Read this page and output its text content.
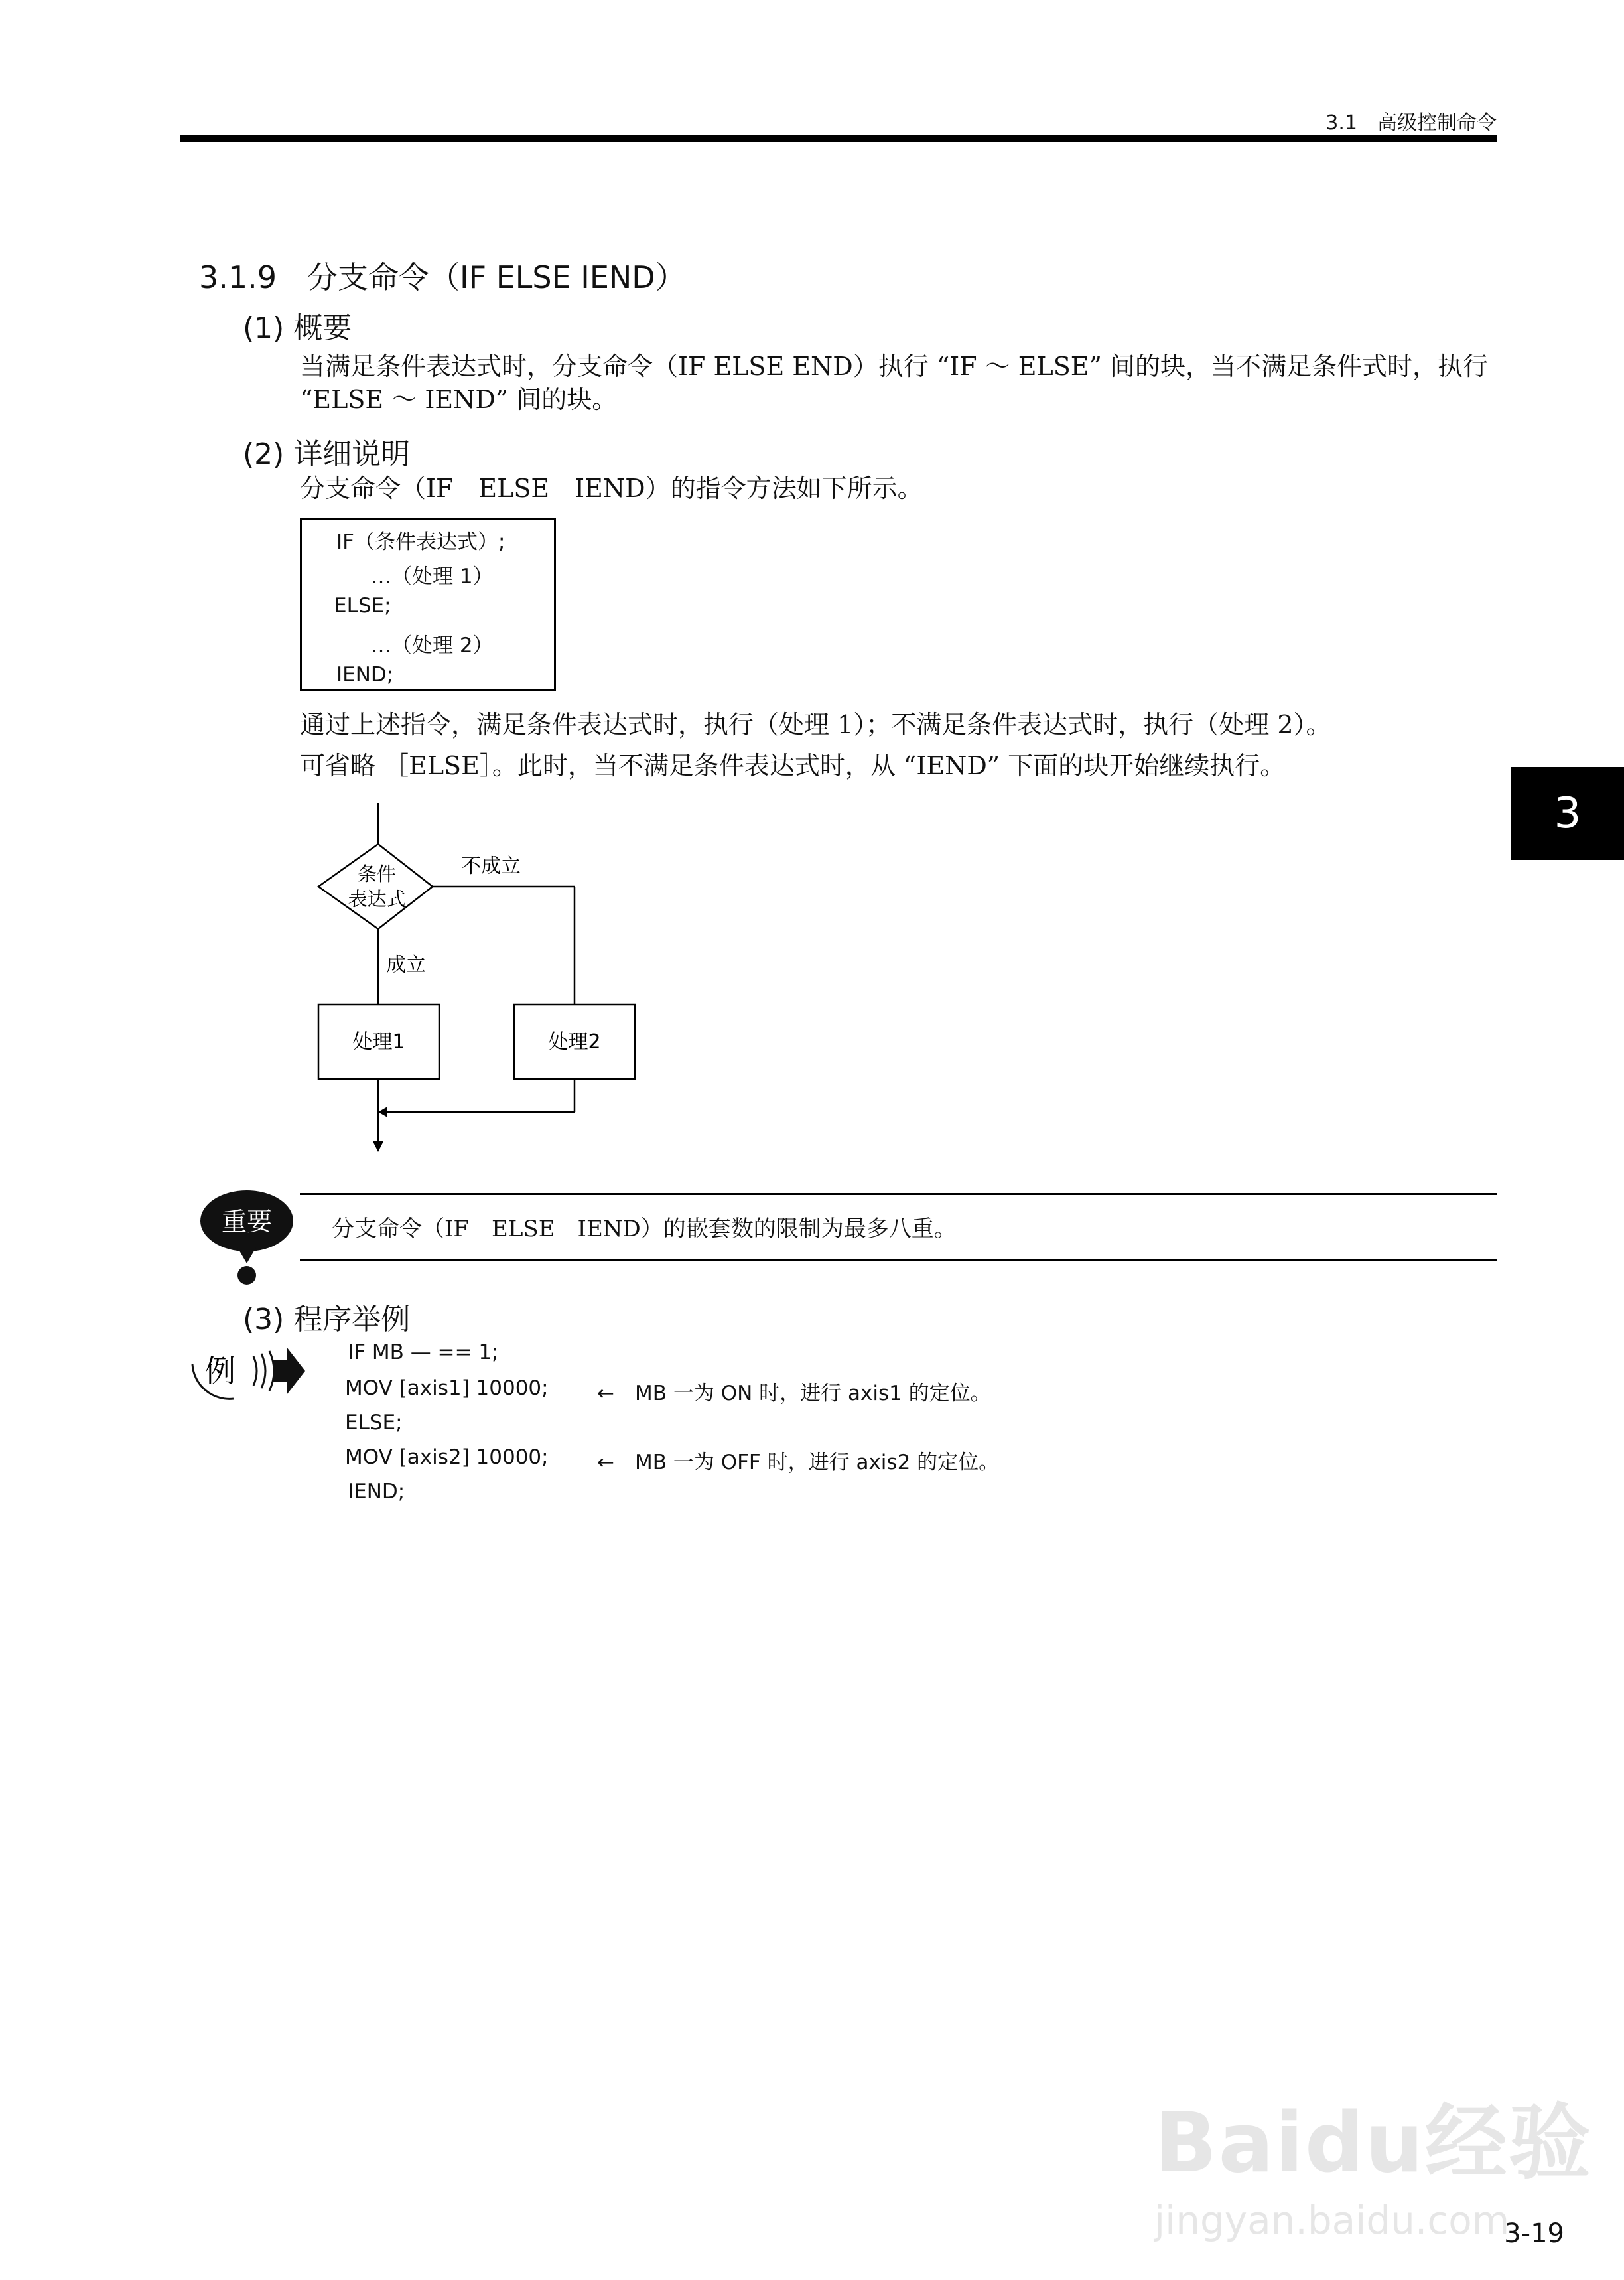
3.1　高级控制命令
3.1.9　分支命令（IF ELSE IEND）
(1) 概要
当满足条件表达式时，分支命令（IF ELSE END）执行 “IF ～ ELSE” 间的块，当不满足条件式时，执行
“ELSE ～ IEND” 间的块。
(2) 详细说明
分支命令（IF　ELSE　IEND）的指令方法如下所示。
IF（条件表达式）;
…（处理 1）
ELSE;
…（处理 2）
IEND;
通过上述指令，满足条件表达式时，执行（处理 1）；不满足条件表达式时，执行（处理 2）。
可省略 ［ELSE］。此时，当不满足条件表达式时，从 “IEND” 下面的块开始继续执行。
3
条件
表达式
不成立
成立
处理1	处理2
重要	分支命令（IF　ELSE　IEND）的嵌套数的限制为最多八重。
(3) 程序举例
例
IF MB — == 1;
MOV [axis1] 10000; ←　MB 一为 ON 时，进行 axis1 的定位。
ELSE;
MOV [axis2] 10000; ←　MB 一为 OFF 时，进行 axis2 的定位。
IEND;
Baidu经验
jingyan.baidu.com
3-19
